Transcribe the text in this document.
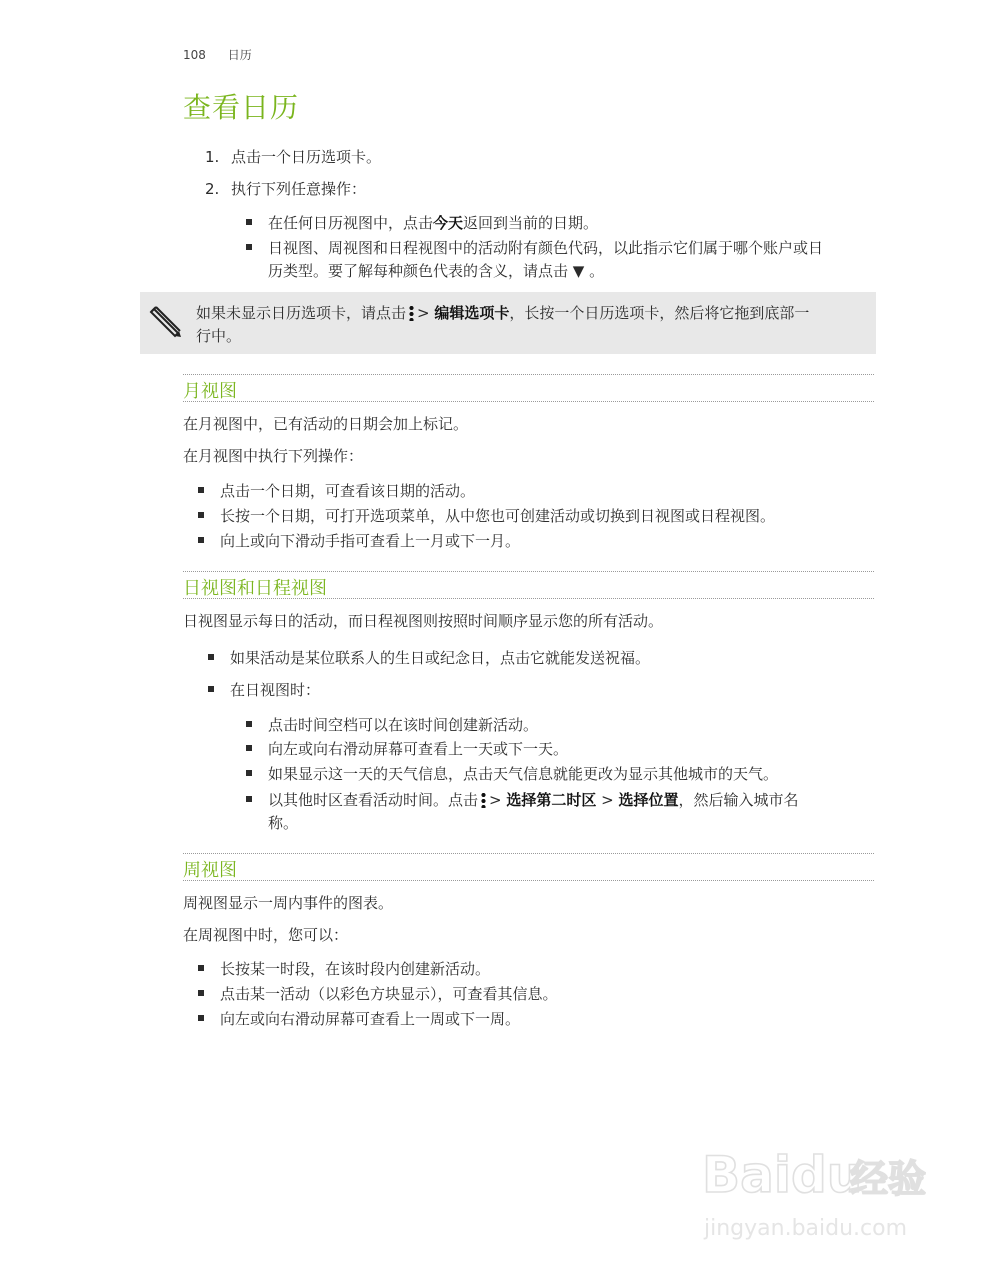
108 日历
查看日历
1. 点击一个日历选项卡。
2. 执行下列任意操作：
在任何日历视图中，点击今天返回到当前的日期。
日视图、周视图和日程视图中的活动附有颜色代码，以此指示它们属于哪个账户或日
历类型。要了解每种颜色代表的含义，请点击 ▼ 。
如果未显示日历选项卡，请点击 > 编辑选项卡，长按一个日历选项卡，然后将它拖到底部一
行中。
月视图
在月视图中，已有活动的日期会加上标记。
在月视图中执行下列操作：
点击一个日期，可查看该日期的活动。
长按一个日期，可打开选项菜单，从中您也可创建活动或切换到日视图或日程视图。
向上或向下滑动手指可查看上一月或下一月。
日视图和日程视图
日视图显示每日的活动，而日程视图则按照时间顺序显示您的所有活动。
如果活动是某位联系人的生日或纪念日，点击它就能发送祝福。
在日视图时：
点击时间空档可以在该时间创建新活动。
向左或向右滑动屏幕可查看上一天或下一天。
如果显示这一天的天气信息，点击天气信息就能更改为显示其他城市的天气。
以其他时区查看活动时间。点击 > 选择第二时区 > 选择位置，然后输入城市名
称。
周视图
周视图显示一周内事件的图表。
在周视图中时，您可以：
长按某一时段，在该时段内创建新活动。
点击某一活动（以彩色方块显示），可查看其信息。
向左或向右滑动屏幕可查看上一周或下一周。
Baidu
经验
jingyan.baidu.com
